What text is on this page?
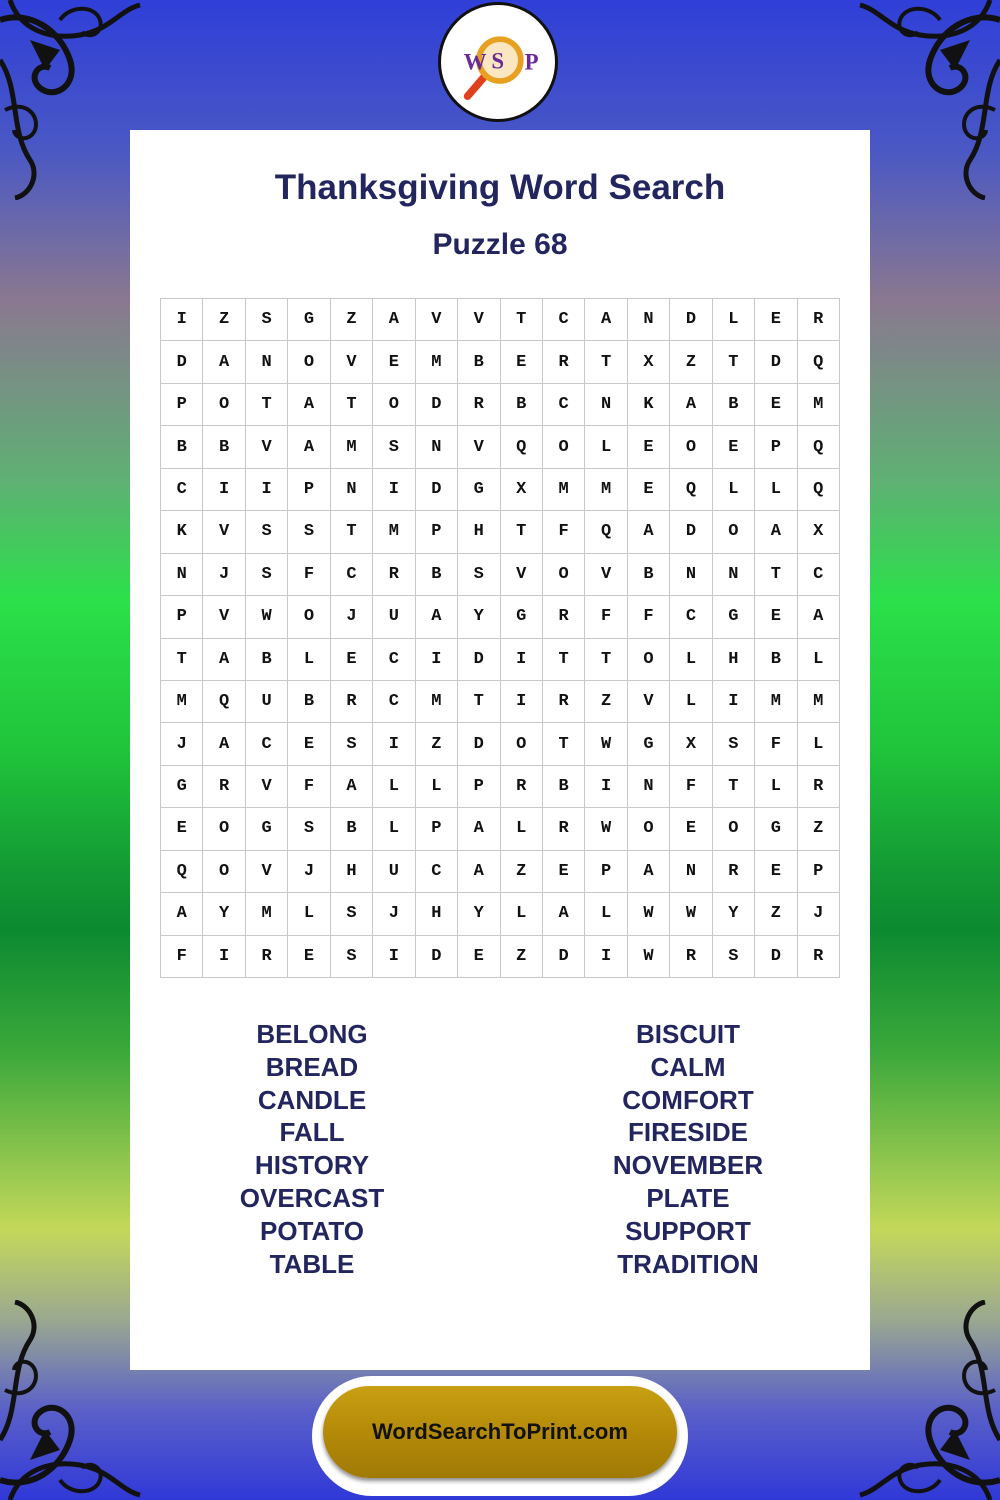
Thanksgiving Word Search
Puzzle 68
I	Z	S	G	Z	A	V	V	T	C	A	N	D	L	E	R
D	A	N	O	V	E	M	B	E	R	T	X	Z	T	D	Q
P	O	T	A	T	O	D	R	B	C	N	K	A	B	E	M
B	B	V	A	M	S	N	V	Q	O	L	E	O	E	P	Q
C	I	I	P	N	I	D	G	X	M	M	E	Q	L	L	Q
K	V	S	S	T	M	P	H	T	F	Q	A	D	O	A	X
N	J	S	F	C	R	B	S	V	O	V	B	N	N	T	C
P	V	W	O	J	U	A	Y	G	R	F	F	C	G	E	A
T	A	B	L	E	C	I	D	I	T	T	O	L	H	B	L
M	Q	U	B	R	C	M	T	I	R	Z	V	L	I	M	M
J	A	C	E	S	I	Z	D	O	T	W	G	X	S	F	L
G	R	V	F	A	L	L	P	R	B	I	N	F	T	L	R
E	O	G	S	B	L	P	A	L	R	W	O	E	O	G	Z
Q	O	V	J	H	U	C	A	Z	E	P	A	N	R	E	P
A	Y	M	L	S	J	H	Y	L	A	L	W	W	Y	Z	J
F	I	R	E	S	I	D	E	Z	D	I	W	R	S	D	R
BELONG
BREAD
CANDLE
FALL
HISTORY
OVERCAST
POTATO
TABLE
BISCUIT
CALM
COMFORT
FIRESIDE
NOVEMBER
PLATE
SUPPORT
TRADITION
W S P
WordSearchToPrint.com
